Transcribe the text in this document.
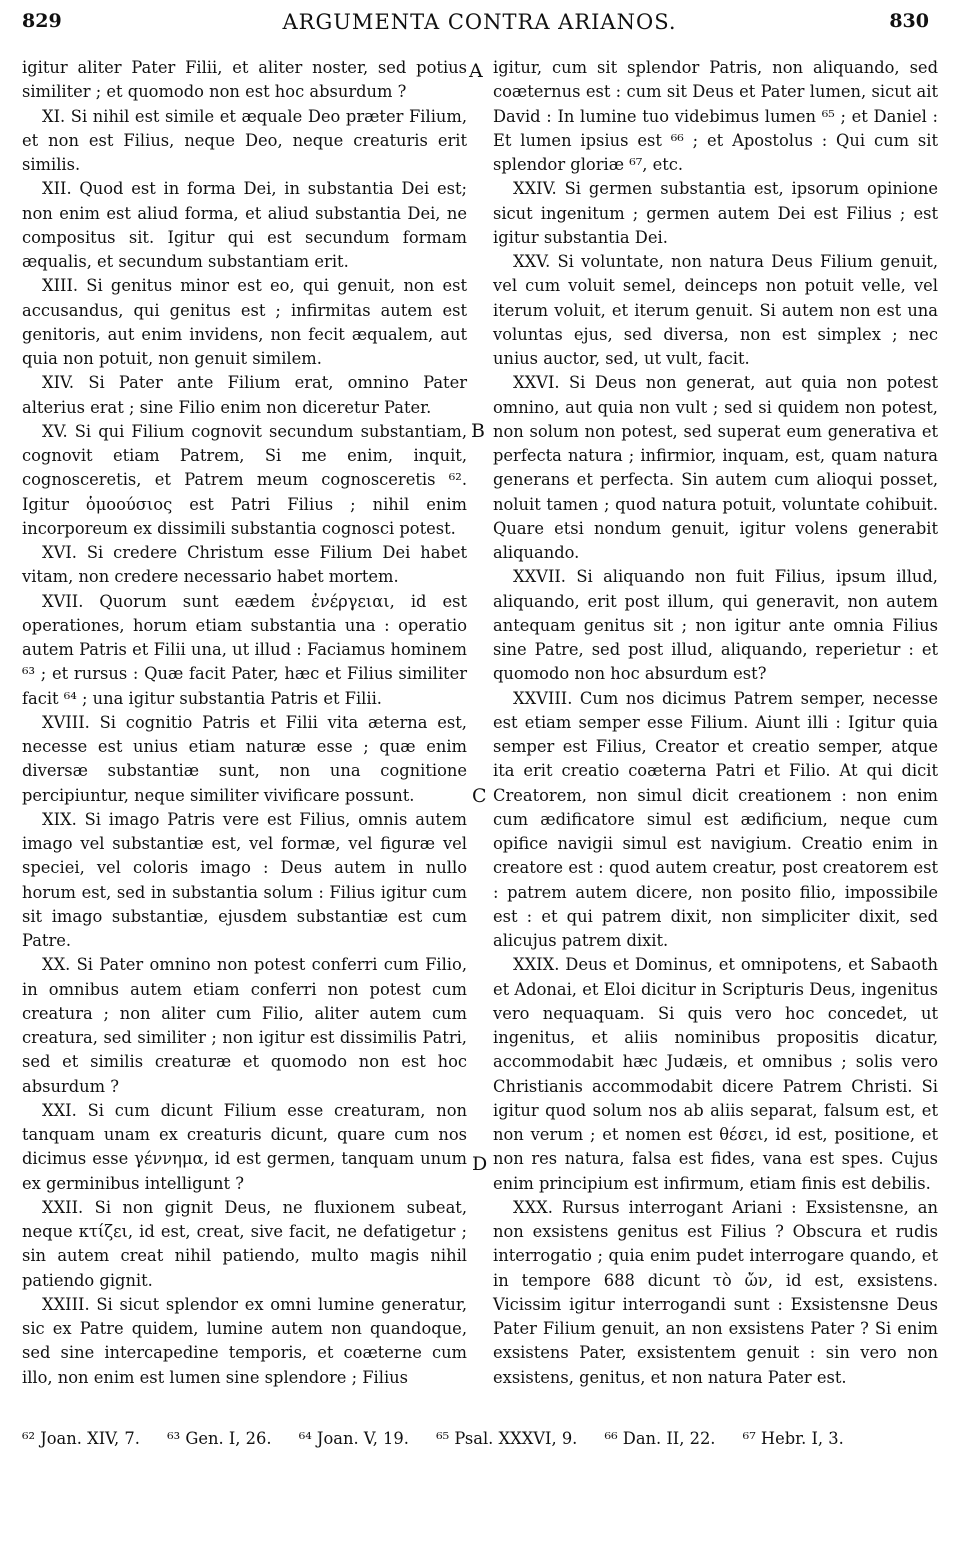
829	ARGUMENTA CONTRA ARIANOS.	830

igitur aliter Pater Filii, et aliter noster, sed potius similiter ; et quomodo non est hoc absurdum ?

XI. Si nihil est simile et æquale Deo præter Filium, et non est Filius, neque Deo, neque creaturis erit similis.

XII. Quod est in forma Dei, in substantia Dei est; non enim est aliud forma, et aliud substantia Dei, ne compositus sit. Igitur qui est secundum formam æqualis, et secundum substantiam erit.

XIII. Si genitus minor est eo, qui genuit, non est accusandus, qui genitus est ; infirmitas autem est genitoris, aut enim invidens, non fecit æqualem, aut quia non potuit, non genuit similem.

XIV. Si Pater ante Filium erat, omnino Pater alterius erat ; sine Filio enim non diceretur Pater.

XV. Si qui Filium cognovit secundum substantiam, cognovit etiam Patrem, Si me enim, inquit, cognosceretis, et Patrem meum cognosceretis ⁶². Igitur ὁμοούσιος est Patri Filius ; nihil enim incorporeum ex dissimili substantia cognosci potest.

XVI. Si credere Christum esse Filium Dei habet vitam, non credere necessario habet mortem.

XVII. Quorum sunt eædem ἐνέργειαι, id est operationes, horum etiam substantia una : operatio autem Patris et Filii una, ut illud : Faciamus hominem ⁶³ ; et rursus : Quæ facit Pater, hæc et Filius similiter facit ⁶⁴ ; una igitur substantia Patris et Filii.

XVIII. Si cognitio Patris et Filii vita æterna est, necesse est unius etiam naturæ esse ; quæ enim diversæ substantiæ sunt, non una cognitione percipiuntur, neque similiter vivificare possunt.

XIX. Si imago Patris vere est Filius, omnis autem imago vel substantiæ est, vel formæ, vel figuræ vel speciei, vel coloris imago : Deus autem in nullo horum est, sed in substantia solum : Filius igitur cum sit imago substantiæ, ejusdem substantiæ est cum Patre.

XX. Si Pater omnino non potest conferri cum Filio, in omnibus autem etiam conferri non potest cum creatura ; non aliter cum Filio, aliter autem cum creatura, sed similiter ; non igitur est dissimilis Patri, sed et similis creaturæ et quomodo non est hoc absurdum ?

XXI. Si cum dicunt Filium esse creaturam, non tanquam unam ex creaturis dicunt, quare cum nos dicimus esse γέννημα, id est germen, tanquam unum ex germinibus intelligunt ?

XXII. Si non gignit Deus, ne fluxionem subeat, neque κτίζει, id est, creat, sive facit, ne defatigetur ; sin autem creat nihil patiendo, multo magis nihil patiendo gignit.

XXIII. Si sicut splendor ex omni lumine generatur, sic ex Patre quidem, lumine autem non quandoque, sed sine intercapedine temporis, et coæterne cum illo, non enim est lumen sine splendore ; Filius

A
B
C
D

igitur, cum sit splendor Patris, non aliquando, sed coæternus est : cum sit Deus et Pater lumen, sicut ait David : In lumine tuo videbimus lumen ⁶⁵ ; et Daniel : Et lumen ipsius est ⁶⁶ ; et Apostolus : Qui cum sit splendor gloriæ ⁶⁷, etc.

XXIV. Si germen substantia est, ipsorum opinione sicut ingenitum ; germen autem Dei est Filius ; est igitur substantia Dei.

XXV. Si voluntate, non natura Deus Filium genuit, vel cum voluit semel, deinceps non potuit velle, vel iterum voluit, et iterum genuit. Si autem non est una voluntas ejus, sed diversa, non est simplex ; nec unius auctor, sed, ut vult, facit.

XXVI. Si Deus non generat, aut quia non potest omnino, aut quia non vult ; sed si quidem non potest, non solum non potest, sed superat eum generativa et perfecta natura ; infirmior, inquam, est, quam natura generans et perfecta. Sin autem cum alioqui posset, noluit tamen ; quod natura potuit, voluntate cohibuit. Quare etsi nondum genuit, igitur volens generabit aliquando.

XXVII. Si aliquando non fuit Filius, ipsum illud, aliquando, erit post illum, qui generavit, non autem antequam genitus sit ; non igitur ante omnia Filius sine Patre, sed post illud, aliquando, reperietur : et quomodo non hoc absurdum est?

XXVIII. Cum nos dicimus Patrem semper, necesse est etiam semper esse Filium. Aiunt illi : Igitur quia semper est Filius, Creator et creatio semper, atque ita erit creatio coæterna Patri et Filio. At qui dicit Creatorem, non simul dicit creationem : non enim cum ædificatore simul est ædificium, neque cum opifice navigii simul est navigium. Creatio enim in creatore est : quod autem creatur, post creatorem est : patrem autem dicere, non posito filio, impossibile est : et qui patrem dixit, non simpliciter dixit, sed alicujus patrem dixit.

XXIX. Deus et Dominus, et omnipotens, et Sabaoth et Adonai, et Eloi dicitur in Scripturis Deus, ingenitus vero nequaquam. Si quis vero hoc concedet, ut ingenitus, et aliis nominibus propositis dicatur, accommodabit hæc Judæis, et omnibus ; solis vero Christianis accommodabit dicere Patrem Christi. Si igitur quod solum nos ab aliis separat, falsum est, et non verum ; et nomen est θέσει, id est, positione, et non res natura, falsa est fides, vana est spes. Cujus enim principium est infirmum, etiam finis est debilis.

XXX. Rursus interrogant Ariani : Exsistensne, an non exsistens genitus est Filius ? Obscura et rudis interrogatio ; quia enim pudet interrogare quando, et in tempore 688 dicunt τὸ ὤν, id est, exsistens. Vicissim igitur interrogandi sunt : Exsistensne Deus Pater Filium genuit, an non exsistens Pater ? Si enim exsistens Pater, exsistentem genuit : sin vero non exsistens, genitus, et non natura Pater est.

⁶² Joan. XIV, 7. ⁶³ Gen. I, 26. ⁶⁴ Joan. V, 19. ⁶⁵ Psal. XXXVI, 9. ⁶⁶ Dan. II, 22. ⁶⁷ Hebr. I, 3.
